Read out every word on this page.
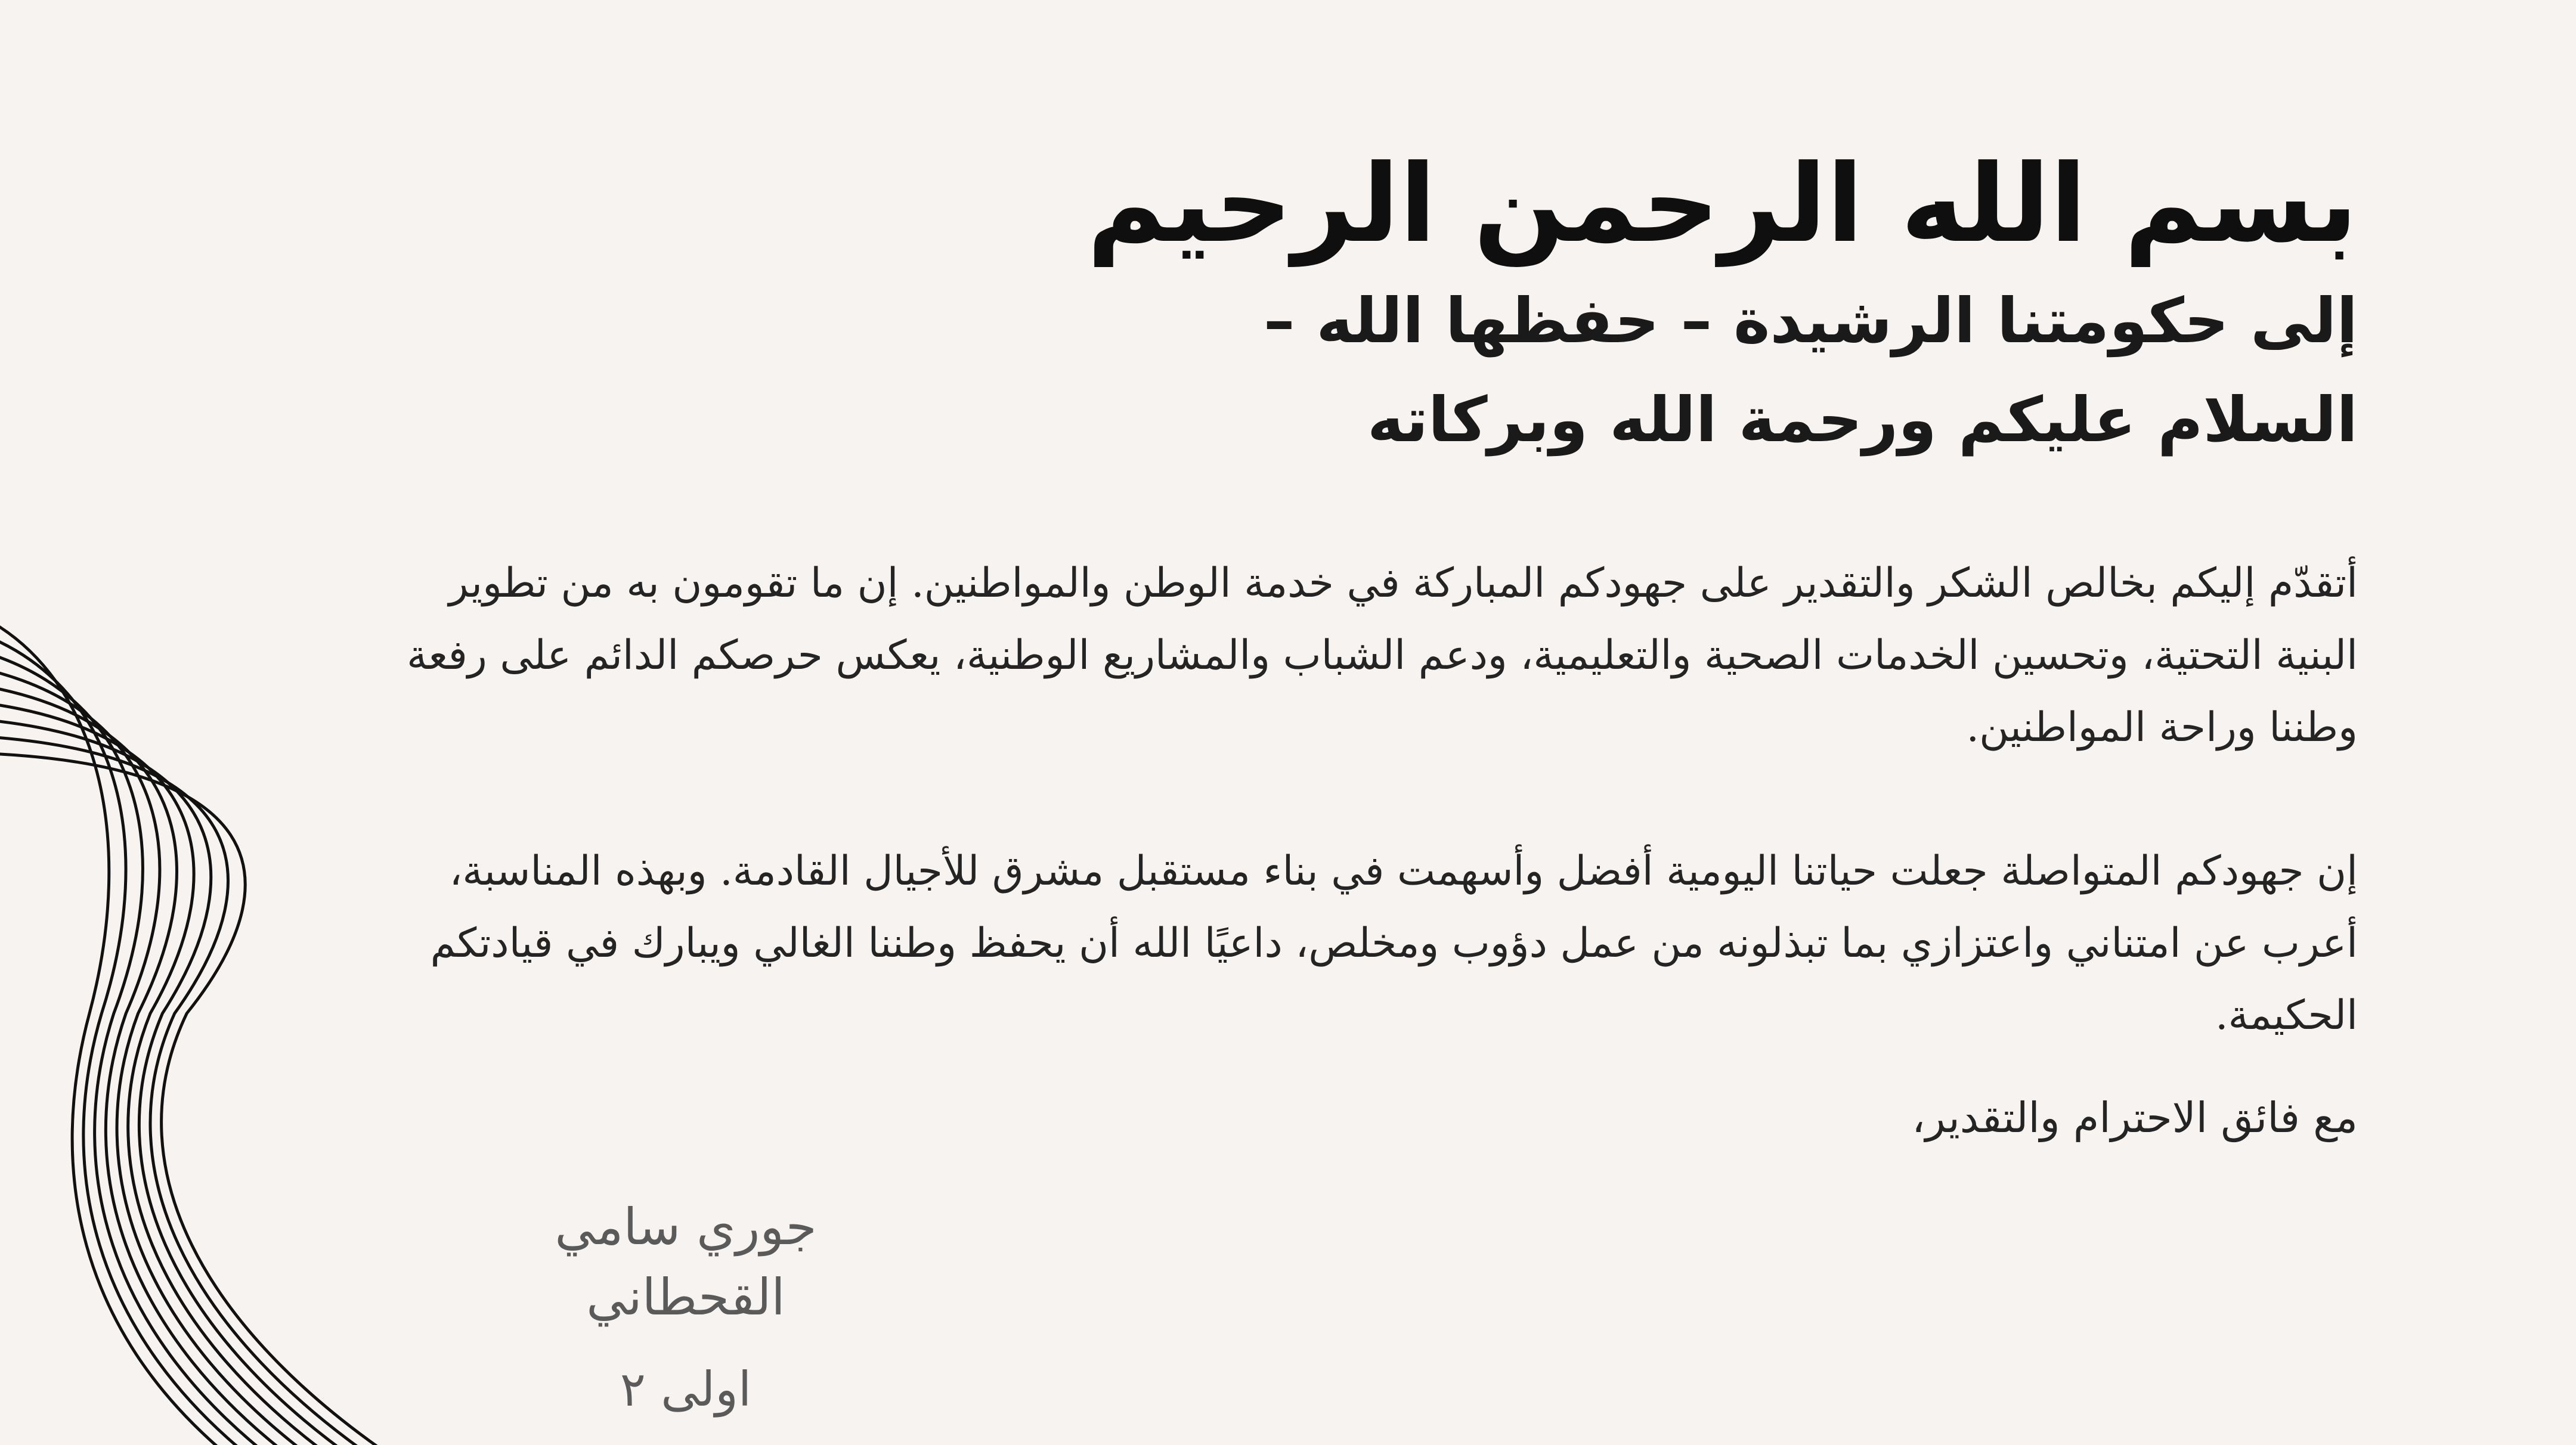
بسم الله الرحمن الرحيم
إلى حكومتنا الرشيدة – حفظها الله –
السلام عليكم ورحمة الله وبركاته

أتقدّم إليكم بخالص الشكر والتقدير على جهودكم المباركة في خدمة الوطن والمواطنين. إن ما تقومون به من تطوير البنية التحتية، وتحسين الخدمات الصحية والتعليمية، ودعم الشباب والمشاريع الوطنية، يعكس حرصكم الدائم على رفعة وطننا وراحة المواطنين.

إن جهودكم المتواصلة جعلت حياتنا اليومية أفضل وأسهمت في بناء مستقبل مشرق للأجيال القادمة. وبهذه المناسبة، أعرب عن امتناني واعتزازي بما تبذلونه من عمل دؤوب ومخلص، داعيًا الله أن يحفظ وطننا الغالي ويبارك في قيادتكم الحكيمة.

مع فائق الاحترام والتقدير،

جوري سامي القحطاني

اولى ٢
